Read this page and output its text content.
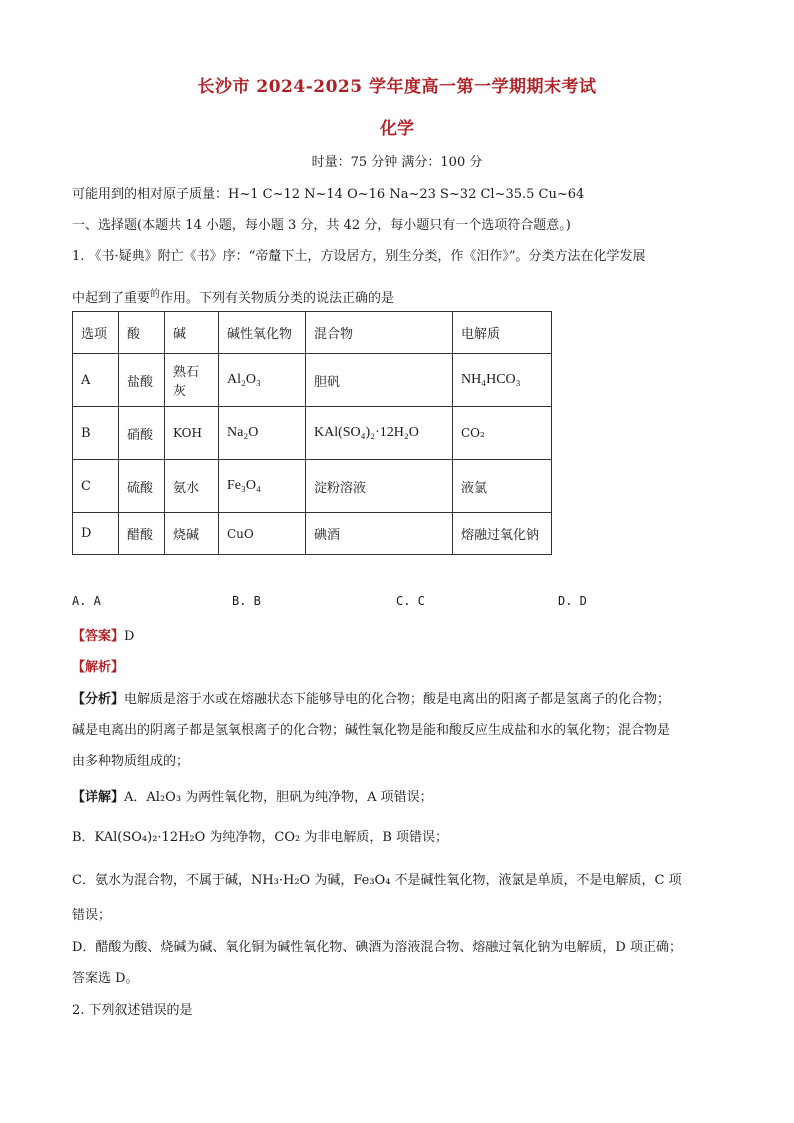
长沙市 2024-2025 学年度高一第一学期期末考试
化学
时量：75 分钟 满分：100 分
可能用到的相对原子质量：H~1 C~12 N~14 O~16 Na~23 S~32 Cl~35.5 Cu~64
一、选择题(本题共 14 小题，每小题 3 分，共 42 分，每小题只有一个选项符合题意。)
1. 《书·疑典》附亡《书》序：“帝釐下土，方设居方，别生分类，作《汨作》”。分类方法在化学发展
中起到了重要$^的$作用。下列有关物质分类的说法正确的是
选项	酸	碱	碱性氧化物	混合物	电解质
A	盐酸	熟石灰	Al₂O₃	胆矾	NH₄HCO₃
B	硝酸	KOH	Na₂O	KAl(SO₄)₂·12H₂O	CO₂
C	硫酸	氨水	Fe₃O₄	淀粉溶液	液氯
D	醋酸	烧碱	CuO	碘酒	熔融过氧化钠
A. A	B. B	C. C	D. D
【答案】D
【解析】
【分析】电解质是溶于水或在熔融状态下能够导电的化合物；酸是电离出的阳离子都是氢离子的化合物；
碱是电离出的阴离子都是氢氧根离子的化合物；碱性氧化物是能和酸反应生成盐和水的氧化物；混合物是
由多种物质组成的；
【详解】A．Al₂O₃ 为两性氧化物，胆矾为纯净物，A 项错误；
B．KAl(SO₄)₂·12H₂O 为纯净物，CO₂ 为非电解质，B 项错误；
C．氨水为混合物，不属于碱，NH₃·H₂O 为碱，Fe₃O₄ 不是碱性氧化物，液氯是单质，不是电解质，C 项
错误；
D．醋酸为酸、烧碱为碱、氧化铜为碱性氧化物、碘酒为溶液混合物、熔融过氧化钠为电解质，D 项正确；
答案选 D。
2. 下列叙述错误的是
